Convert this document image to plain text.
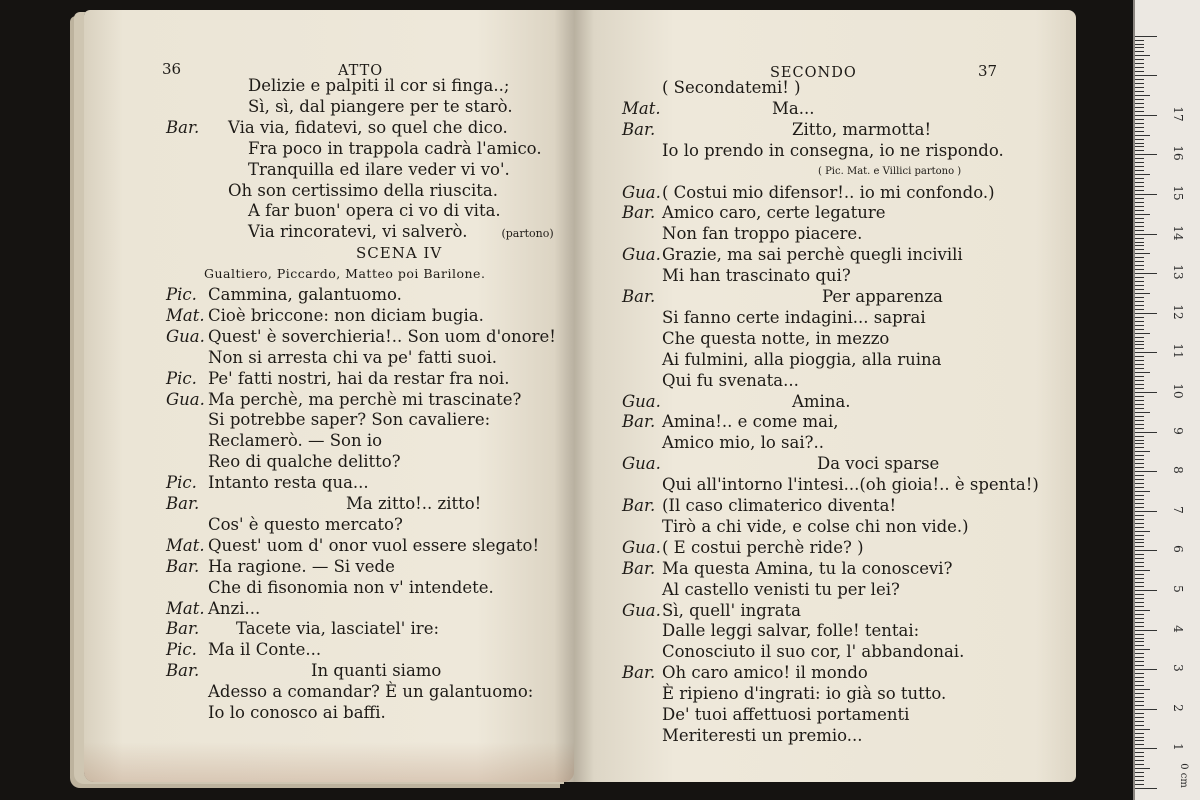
36	ATTO
Delizie e palpiti il cor si finga..;
Sì, sì, dal piangere per te starò.
Bar. Via via, fidatevi, so quel che dico.
Fra poco in trappola cadrà l'amico.
Tranquilla ed ilare veder vi vo'.
Oh son certissimo della riuscita.
A far buon' opera ci vo di vita.
Via rincoratevi, vi salverò.	(partono)
SCENA IV
Gualtiero, Piccardo, Matteo poi Barilone.
Pic. Cammina, galantuomo.
Mat. Cioè briccone: non diciam bugia.
Gua. Quest' è soverchieria!.. Son uom d'onore!
Non si arresta chi va pe' fatti suoi.
Pic. Pe' fatti nostri, hai da restar fra noi.
Gua. Ma perchè, ma perchè mi trascinate?
Si potrebbe saper? Son cavaliere:
Reclamerò. — Son io
Reo di qualche delitto?
Pic. Intanto resta qua...
Bar.	Ma zitto!.. zitto!
Cos' è questo mercato?
Mat. Quest' uom d' onor vuol essere slegato!
Bar. Ha ragione. — Si vede
Che di fisonomia non v' intendete.
Mat. Anzi...
Bar. Tacete via, lasciatel' ire:
Pic. Ma il Conte...
Bar.	In quanti siamo
Adesso a comandar? È un galantuomo:
Io lo conosco ai baffi.
SECONDO	37
( Secondatemi! )
Mat.	Ma...
Bar.	Zitto, marmotta!
Io lo prendo in consegna, io ne rispondo.
( Pic. Mat. e Villici partono )
Gua. ( Costui mio difensor!.. io mi confondo.)
Bar. Amico caro, certe legature
Non fan troppo piacere.
Gua. Grazie, ma sai perchè quegli incivili
Mi han trascinato qui?
Bar.	Per apparenza
Si fanno certe indagini... saprai
Che questa notte, in mezzo
Ai fulmini, alla pioggia, alla ruina
Qui fu svenata...
Gua.	Amina.
Bar. Amina!.. e come mai,
Amico mio, lo sai?..
Gua.	Da voci sparse
Qui all'intorno l'intesi...(oh gioia!.. è spenta!)
Bar. (Il caso climaterico diventa!
Tirò a chi vide, e colse chi non vide.)
Gua. ( E costui perchè ride? )
Bar. Ma questa Amina, tu la conoscevi?
Al castello venisti tu per lei?
Gua. Sì, quell' ingrata
Dalle leggi salvar, folle! tentai:
Conosciuto il suo cor, l' abbandonai.
Bar. Oh caro amico! il mondo
È ripieno d'ingrati: io già so tutto.
De' tuoi affettuosi portamenti
Meriteresti un premio...
17
16
15
14
13
12
11
10
9
8
7
6
5
4
3
2
1
0 cm
